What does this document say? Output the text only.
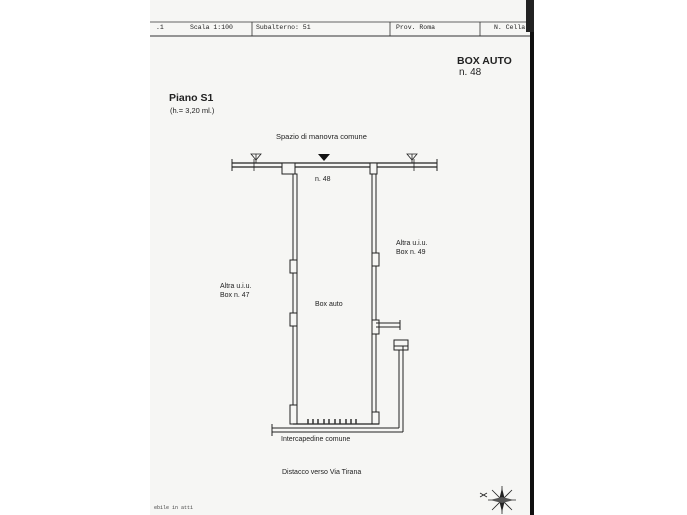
.1	Scala 1:100	Subalterno: 51	Prov. Roma	N. Cella
BOX AUTO
n. 48
Piano S1
(h.= 3,20 ml.)
Spazio di manovra comune
n. 48
Box auto
Altra u.i.u.
Box n. 47
Altra u.i.u.
Box n. 49
Intercapedine comune
Distacco verso Via Tirana
ebile in atti
